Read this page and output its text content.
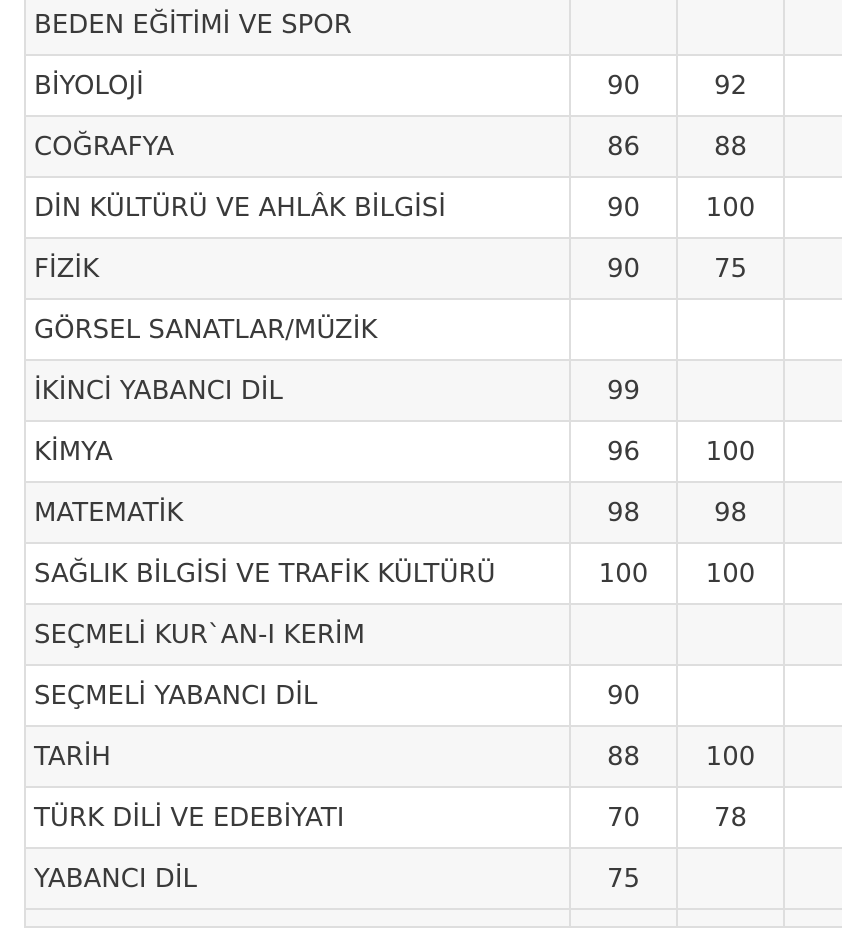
BEDEN EĞİTİMİ VE SPOR			
BİYOLOJİ	90	92	
COĞRAFYA	86	88	
DİN KÜLTÜRÜ VE AHLÂK BİLGİSİ	90	100	
FİZİK	90	75	
GÖRSEL SANATLAR/MÜZİK			
İKİNCİ YABANCI DİL	99		
KİMYA	96	100	
MATEMATİK	98	98	
SAĞLIK BİLGİSİ VE TRAFİK KÜLTÜRÜ	100	100	
SEÇMELİ KUR`AN-I KERİM			
SEÇMELİ YABANCI DİL	90		
TARİH	88	100	
TÜRK DİLİ VE EDEBİYATI	70	78	
YABANCI DİL	75		
